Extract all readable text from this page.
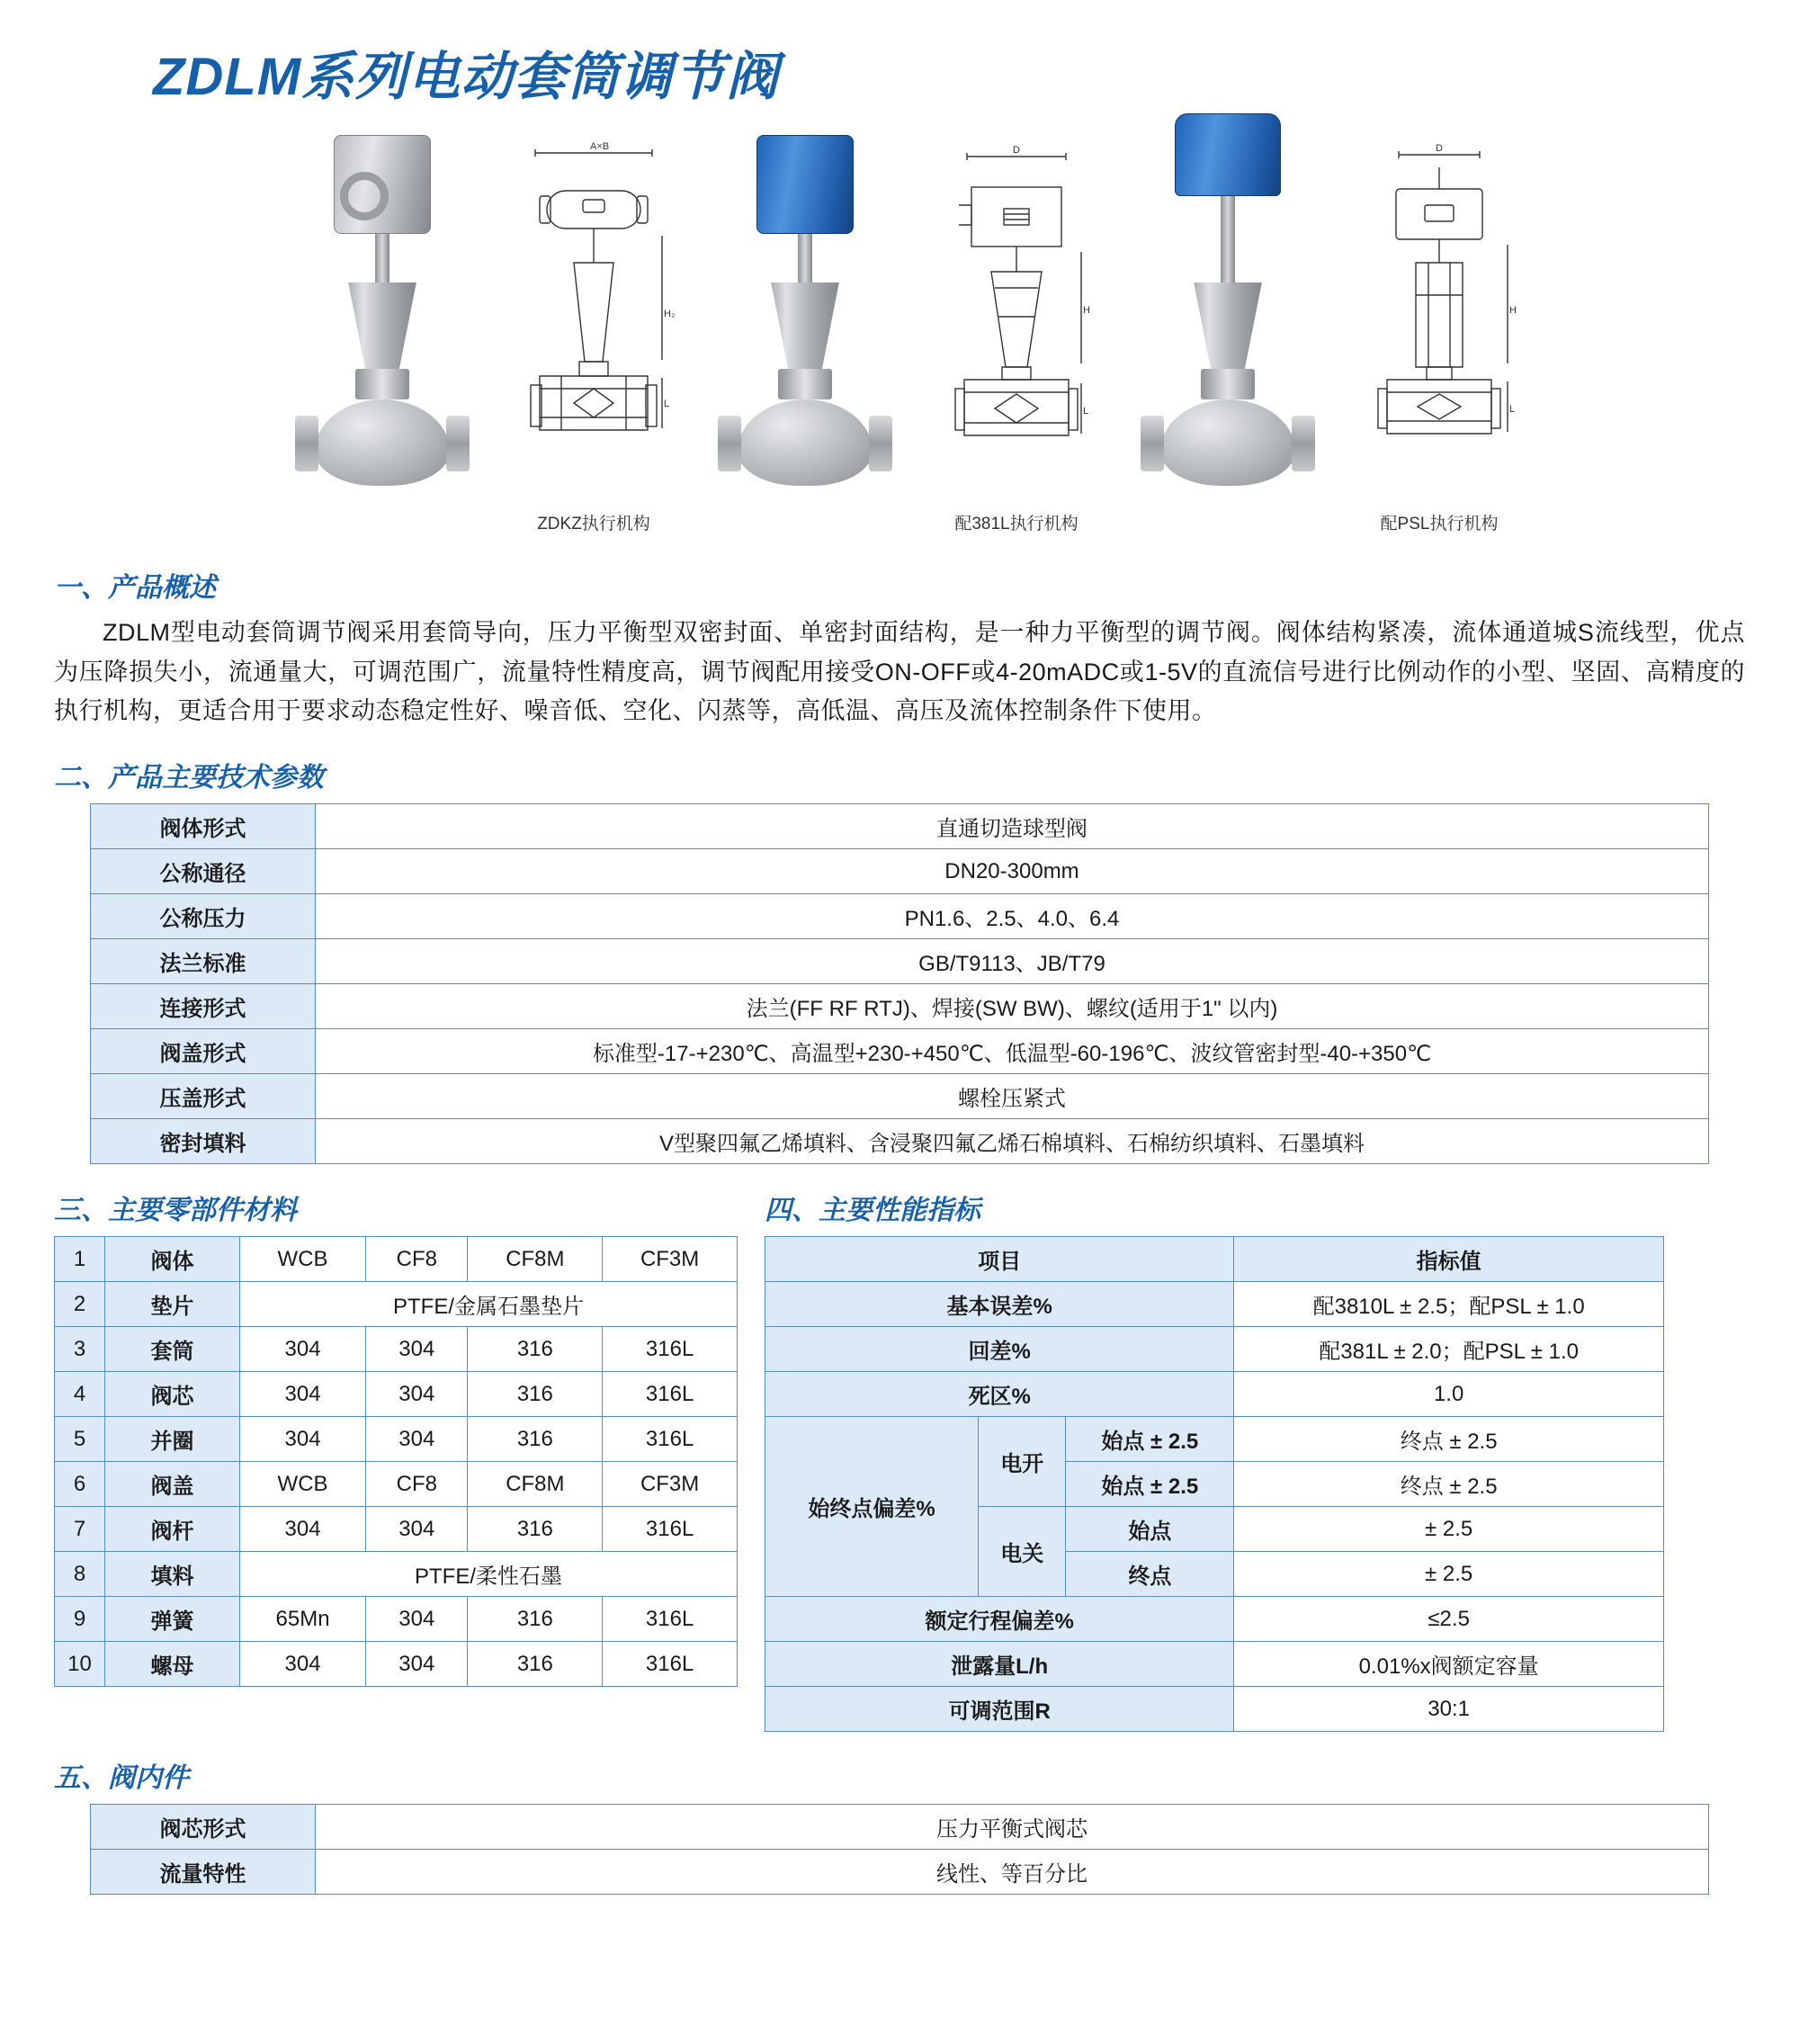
ZDLM系列电动套筒调节阀
H₂
L
A×B
ZDKZ执行机构
D
H
L
配381L执行机构
D
H
L
配PSL执行机构
一、产品概述

ZDLM型电动套筒调节阀采用套筒导向，压力平衡型双密封面、单密封面结构，是一种力平衡型的调节阀。阀体结构紧凑，流体通道城S流线型，优点为压降损失小，流通量大，可调范围广，流量特性精度高，调节阀配用接受ON-OFF或4-20mADC或1-5V的直流信号进行比例动作的小型、坚固、高精度的执行机构，更适合用于要求动态稳定性好、噪音低、空化、闪蒸等，高低温、高压及流体控制条件下使用。

二、产品主要技术参数
阀体形式	直通切造球型阀
公称通径	DN20-300mm
公称压力	PN1.6、2.5、4.0、6.4
法兰标准	GB/T9113、JB/T79
连接形式	法兰(FF RF RTJ)、焊接(SW BW)、螺纹(适用于1" 以内)
阀盖形式	标准型-17-+230℃、高温型+230-+450℃、低温型-60-196℃、波纹管密封型-40-+350℃
压盖形式	螺栓压紧式
密封填料	V型聚四氟乙烯填料、含浸聚四氟乙烯石棉填料、石棉纺织填料、石墨填料
三、主要零部件材料
1	阀体	WCB	CF8	CF8M	CF3M
2	垫片	PTFE/金属石墨垫片			
3	套筒	304	304	316	316L
4	阀芯	304	304	316	316L
5	并圈	304	304	316	316L
6	阀盖	WCB	CF8	CF8M	CF3M
7	阀杆	304	304	316	316L
8	填料	PTFE/柔性石墨			
9	弹簧	65Mn	304	316	316L
10	螺母	304	304	316	316L
四、主要性能指标
项目			指标值
基本误差%			配3810L ± 2.5；配PSL ± 1.0
回差%			配381L ± 2.0；配PSL ± 1.0
死区%			1.0
始终点偏差%	电开	始点 ± 2.5	终点 ± 2.5
		始点 ± 2.5	终点 ± 2.5
	电关	始点	± 2.5
		终点	± 2.5
额定行程偏差%			≤2.5
泄露量L/h			0.01%x阀额定容量
可调范围R			30:1
五、阀内件
阀芯形式	压力平衡式阀芯
流量特性	线性、等百分比
